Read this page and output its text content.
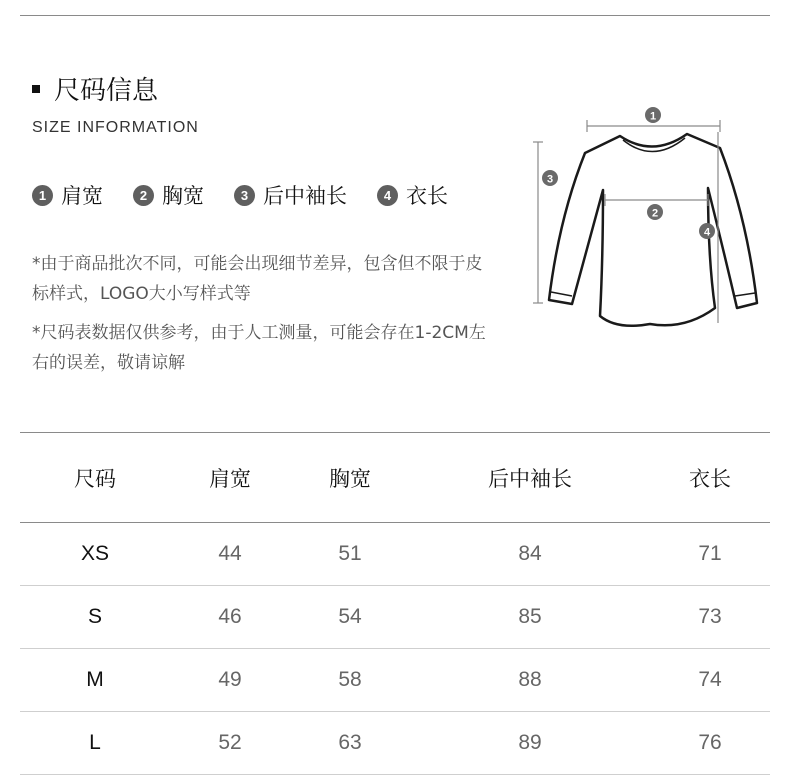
尺码信息
SIZE INFORMATION
1 肩宽	2 胸宽	3 后中袖长	4 衣长
*由于商品批次不同，可能会出现细节差异，包含但不限于皮标样式，LOGO大小写样式等
*尺码表数据仅供参考，由于人工测量，可能会存在1-2CM左右的误差，敬请谅解
1
2
3
4
尺码	肩宽	胸宽	后中袖长	衣长
XS	44	51	84	71
S	46	54	85	73
M	49	58	88	74
L	52	63	89	76
